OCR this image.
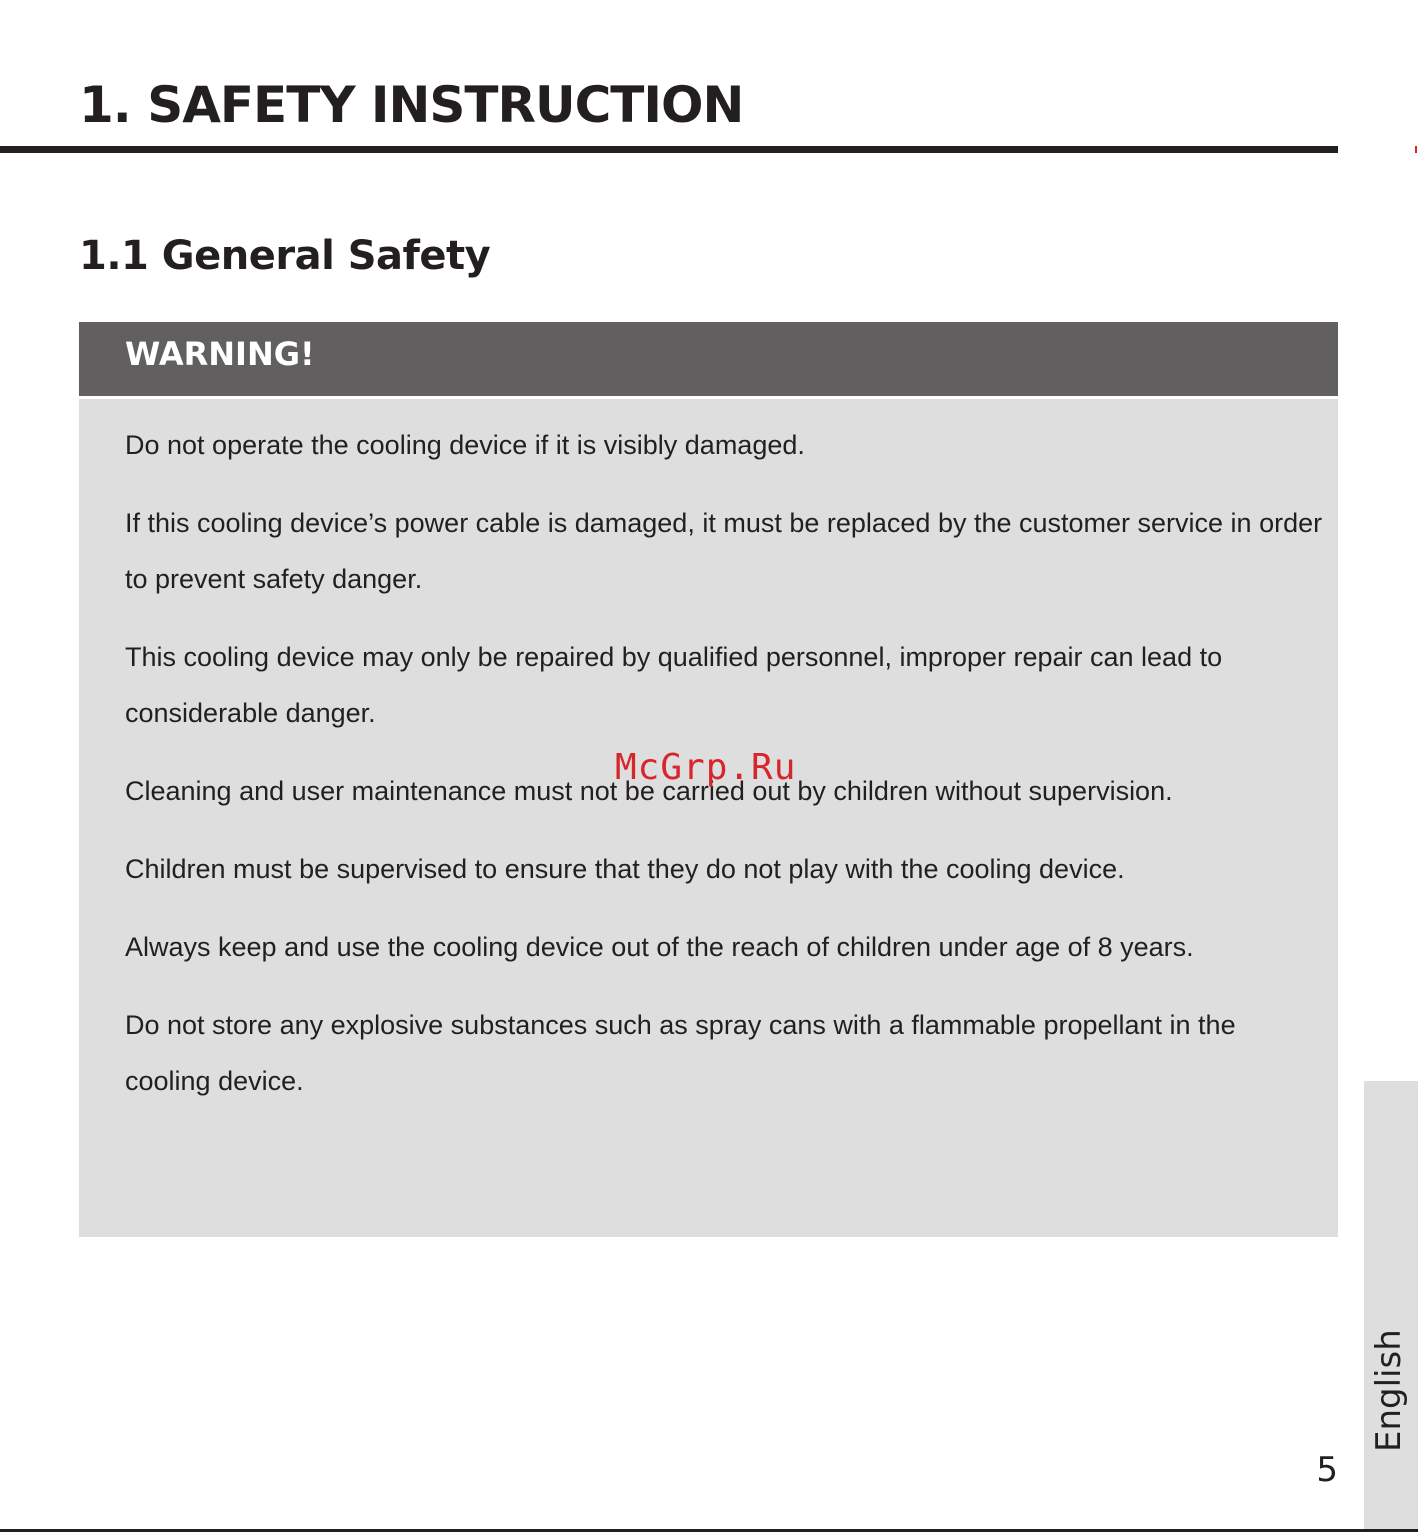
1. SAFETY INSTRUCTION
1.1 General Safety
WARNING!
Do not operate the cooling device if it is visibly damaged.
If this cooling device’s power cable is damaged, it must be replaced by the customer service in order to prevent safety danger.
This cooling device may only be repaired by qualified personnel, improper repair can lead to considerable danger.
Cleaning and user maintenance must not be carried out by children without supervision.
Children must be supervised to ensure that they do not play with the cooling device.
Always keep and use the cooling device out of the reach of children under age of 8 years.
Do not store any explosive substances such as spray cans with a flammable propellant in the cooling device.
McGrp.Ru
English
5
